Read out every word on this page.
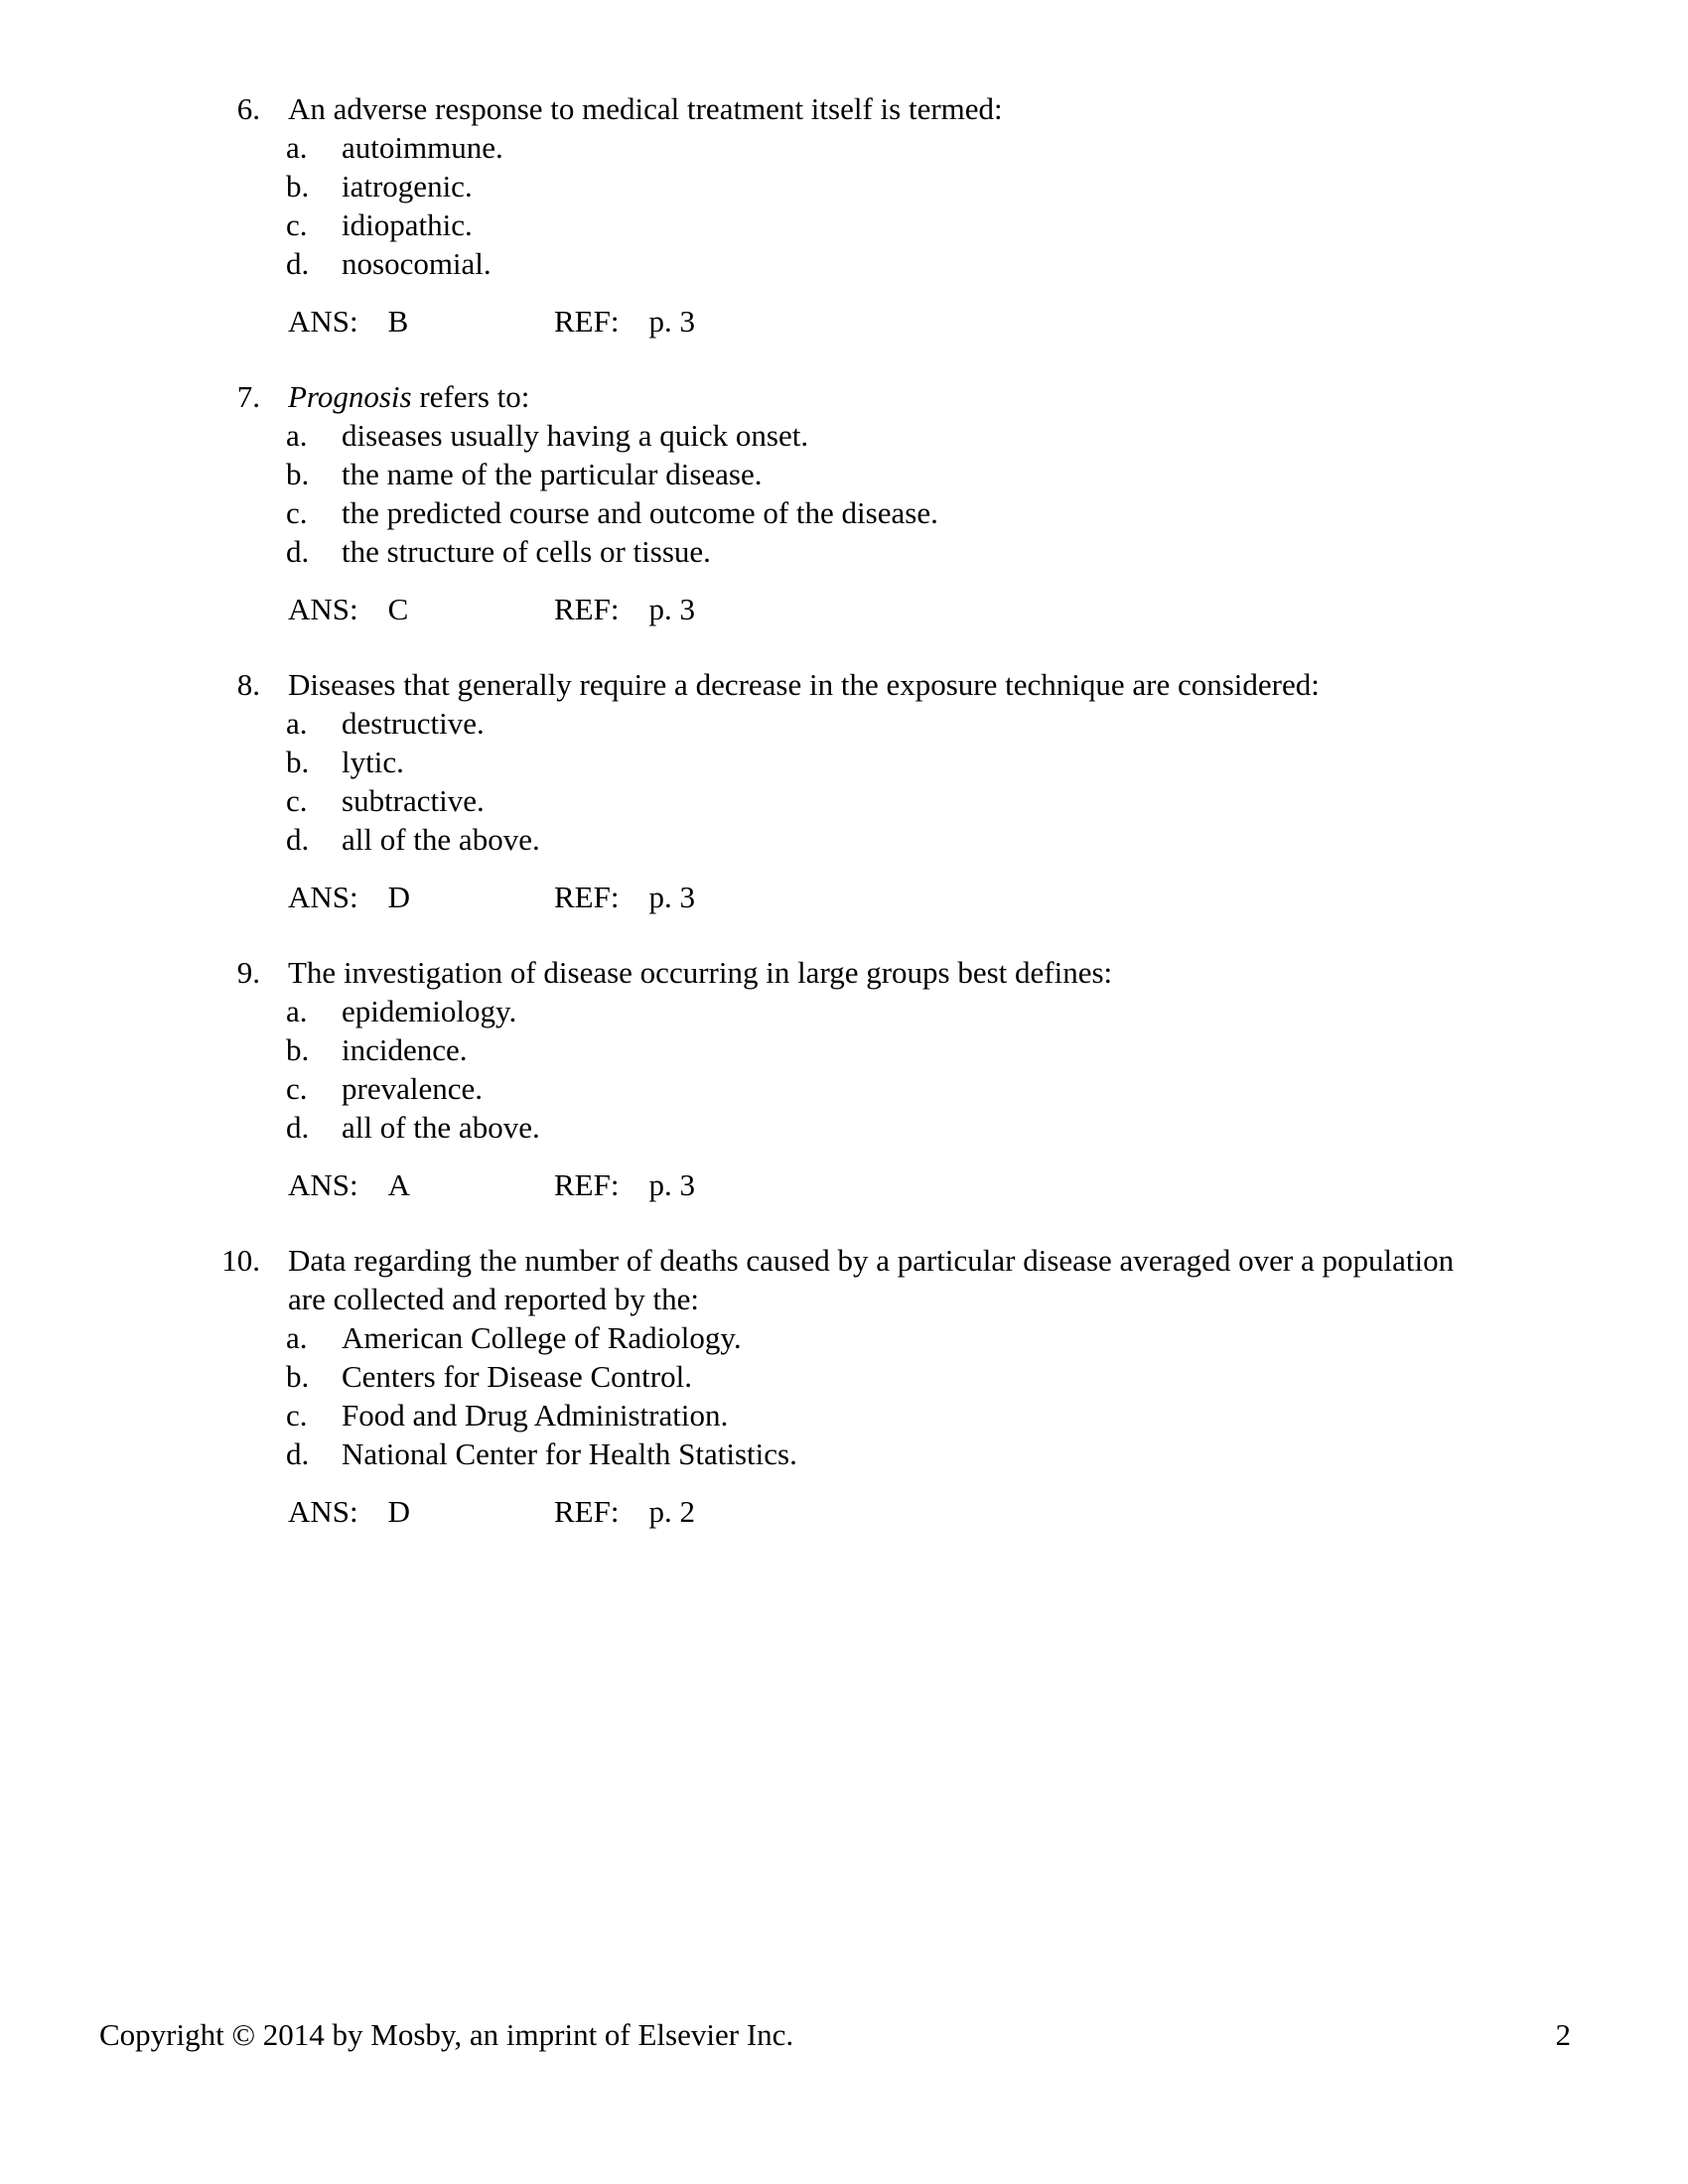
6. An adverse response to medical treatment itself is termed:
a.	autoimmune.
b.	iatrogenic.
c.	idiopathic.
d.	nosocomial.
ANS: B	REF: p. 3
7. Prognosis refers to:
a.	diseases usually having a quick onset.
b.	the name of the particular disease.
c.	the predicted course and outcome of the disease.
d.	the structure of cells or tissue.
ANS: C	REF: p. 3
8. Diseases that generally require a decrease in the exposure technique are considered:
a.	destructive.
b.	lytic.
c.	subtractive.
d.	all of the above.
ANS: D	REF: p. 3
9. The investigation of disease occurring in large groups best defines:
a.	epidemiology.
b.	incidence.
c.	prevalence.
d.	all of the above.
ANS: A	REF: p. 3
10. Data regarding the number of deaths caused by a particular disease averaged over a population are collected and reported by the:
a.	American College of Radiology.
b.	Centers for Disease Control.
c.	Food and Drug Administration.
d.	National Center for Health Statistics.
ANS: D	REF: p. 2
Copyright © 2014 by Mosby, an imprint of Elsevier Inc.	2
